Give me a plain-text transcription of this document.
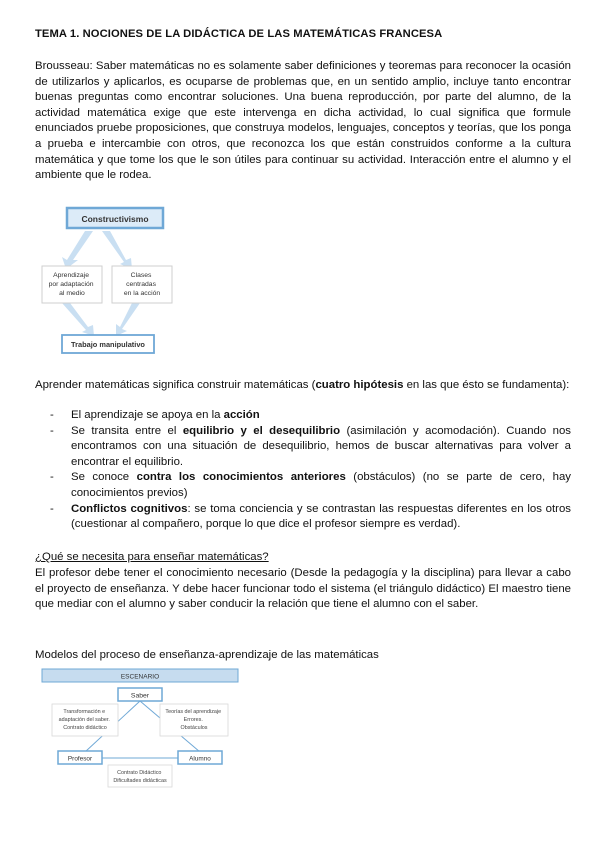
TEMA 1. NOCIONES DE LA DIDÁCTICA DE LAS MATEMÁTICAS FRANCESA

Brousseau: Saber matemáticas no es solamente saber definiciones y teoremas para reconocer la ocasión de utilizarlos y aplicarlos, es ocuparse de problemas que, en un sentido amplio, incluye tanto encontrar buenas preguntas como encontrar soluciones. Una buena reproducción, por parte del alumno, de la actividad matemática exige que este intervenga en dicha actividad, lo cual significa que formule enunciados pruebe proposiciones, que construya modelos, lenguajes, conceptos y teorías, que los ponga a prueba e intercambie con otros, que reconozca los que están construidos conforme a la cultura matemática y que tome los que le son útiles para continuar su actividad. Interacción entre el alumno y el ambiente que le rodea.

Constructivismo
Aprendizaje por adaptación al medio
Clases centradas en la acción
Trabajo manipulativo

Aprender matemáticas significa construir matemáticas (cuatro hipótesis en las que ésto se fundamenta):

- El aprendizaje se apoya en la acción
- Se transita entre el equilibrio y el desequilibrio (asimilación y acomodación). Cuando nos encontramos con una situación de desequilibrio, hemos de buscar alternativas para volver a encontrar el equilibrio.
- Se conoce contra los conocimientos anteriores (obstáculos) (no se parte de cero, hay conocimientos previos)
- Conflictos cognitivos: se toma conciencia y se contrastan las respuestas diferentes en los otros (cuestionar al compañero, porque lo que dice el profesor siempre es verdad).
¿Qué se necesita para enseñar matemáticas?

El profesor debe tener el conocimiento necesario (Desde la pedagogía y la disciplina) para llevar a cabo el proyecto de enseñanza. Y debe hacer funcionar todo el sistema (el triángulo didáctico) El maestro tiene que mediar con el alumno y saber conducir la relación que tiene el alumno con el saber.

Modelos del proceso de enseñanza-aprendizaje de las matemáticas
ESCENARIO
Transformación e adaptación del saber. Contrato didáctico
Teorías del aprendizaje Errores. Obstáculos
Saber
Profesor	Alumno
Contrato Didáctico Dificultades didácticas
